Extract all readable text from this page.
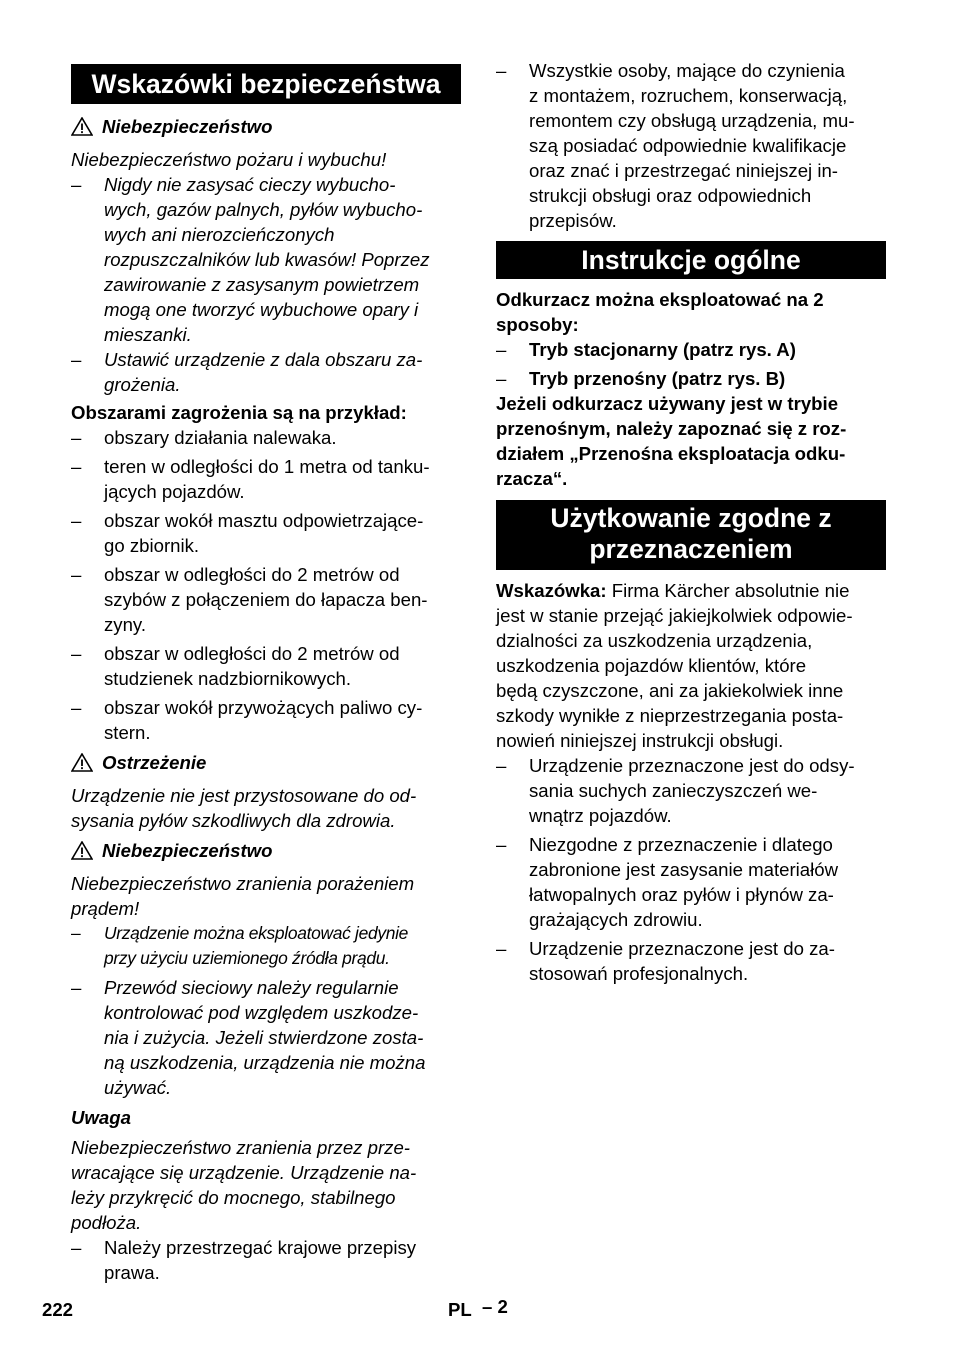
Wskazówki bezpieczeństwa

Niebezpieczeństwo

Niebezpieczeństwo pożaru i wybuchu!

– Nigdy nie zasysać cieczy wybucho-
wych, gazów palnych, pyłów wybucho-
wych ani nierozcieńczonych
rozpuszczalników lub kwasów! Poprzez
zawirowanie z zasysanym powietrzem
mogą one tworzyć wybuchowe opary i
mieszanki.
– Ustawić urządzenie z dala obszaru za-
grożenia.

Obszarami zagrożenia są na przykład:

– obszary działania nalewaka.
– teren w odległości do 1 metra od tanku-
jących pojazdów.
– obszar wokół masztu odpowietrzające-
go zbiornik.
– obszar w odległości do 2 metrów od
szybów z połączeniem do łapacza ben-
zyny.
– obszar w odległości do 2 metrów od
studzienek nadzbiornikowych.
– obszar wokół przywożących paliwo cy-
stern.

Ostrzeżenie

Urządzenie nie jest przystosowane do od-
sysania pyłów szkodliwych dla zdrowia.

Niebezpieczeństwo

Niebezpieczeństwo zranienia porażeniem
prądem!

– Urządzenie można eksploatować jedynie
przy użyciu uziemionego źródła prądu.
– Przewód sieciowy należy regularnie
kontrolować pod względem uszkodze-
nia i zużycia. Jeżeli stwierdzone zosta-
ną uszkodzenia, urządzenia nie można
używać.

Uwaga

Niebezpieczeństwo zranienia przez prze-
wracające się urządzenie. Urządzenie na-
leży przykręcić do mocnego, stabilnego
podłoża.

– Należy przestrzegać krajowe przepisy
prawa.
– Wszystkie osoby, mające do czynienia
z montażem, rozruchem, konserwacją,
remontem czy obsługą urządzenia, mu-
szą posiadać odpowiednie kwalifikacje
oraz znać i przestrzegać niniejszej in-
strukcji obsługi oraz odpowiednich
przepisów.
Instrukcje ogólne

Odkurzacz można eksploatować na 2
sposoby:

– Tryb stacjonarny (patrz rys. A)
– Tryb przenośny (patrz rys. B)

Jeżeli odkurzacz używany jest w trybie
przenośnym, należy zapoznać się z roz-
działem „Przenośna eksploatacja odku-
rzacza“.

Użytkowanie zgodne z
przeznaczeniem

Wskazówka: Firma Kärcher absolutnie nie
jest w stanie przejąć jakiejkolwiek odpowie-
dzialności za uszkodzenia urządzenia,
uszkodzenia pojazdów klientów, które
będą czyszczone, ani za jakiekolwiek inne
szkody wynikłe z nieprzestrzegania posta-
nowień niniejszej instrukcji obsługi.

– Urządzenie przeznaczone jest do odsy-
sania suchych zanieczyszczeń we-
wnątrz pojazdów.
– Niezgodne z przeznaczenie i dlatego
zabronione jest zasysanie materiałów
łatwopalnych oraz pyłów i płynów za-
grażających zdrowiu.
– Urządzenie przeznaczone jest do za-
stosowań profesjonalnych.
222	PL – 2
